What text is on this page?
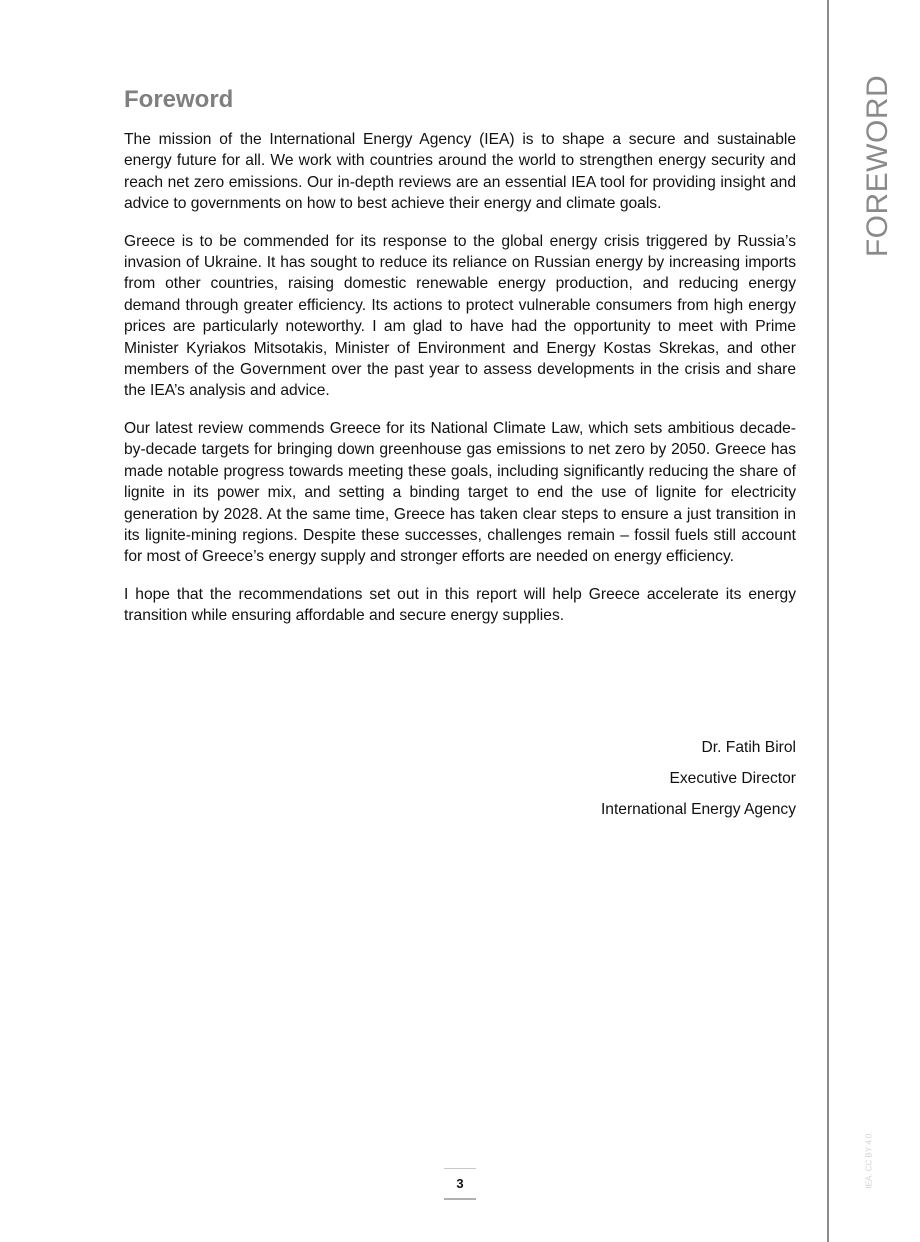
FOREWORD
IEA. CC BY 4.0.
Foreword

The mission of the International Energy Agency (IEA) is to shape a secure and sustainable energy future for all. We work with countries around the world to strengthen energy security and reach net zero emissions. Our in-depth reviews are an essential IEA tool for providing insight and advice to governments on how to best achieve their energy and climate goals.

Greece is to be commended for its response to the global energy crisis triggered by Russia’s invasion of Ukraine. It has sought to reduce its reliance on Russian energy by increasing imports from other countries, raising domestic renewable energy production, and reducing energy demand through greater efficiency. Its actions to protect vulnerable consumers from high energy prices are particularly noteworthy. I am glad to have had the opportunity to meet with Prime Minister Kyriakos Mitsotakis, Minister of Environment and Energy Kostas Skrekas, and other members of the Government over the past year to assess developments in the crisis and share the IEA’s analysis and advice.

Our latest review commends Greece for its National Climate Law, which sets ambitious decade-by-decade targets for bringing down greenhouse gas emissions to net zero by 2050. Greece has made notable progress towards meeting these goals, including significantly reducing the share of lignite in its power mix, and setting a binding target to end the use of lignite for electricity generation by 2028. At the same time, Greece has taken clear steps to ensure a just transition in its lignite-mining regions. Despite these successes, challenges remain – fossil fuels still account for most of Greece’s energy supply and stronger efforts are needed on energy efficiency.

I hope that the recommendations set out in this report will help Greece accelerate its energy transition while ensuring affordable and secure energy supplies.

Dr. Fatih Birol
Executive Director
International Energy Agency
3
